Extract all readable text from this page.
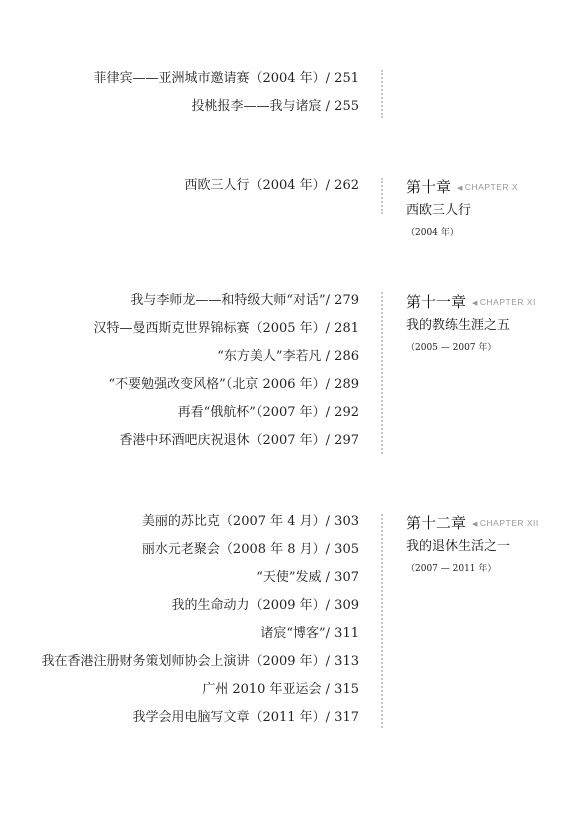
菲律宾——亚洲城市邀请赛（2004 年）/ 251
投桃报李——我与诸宸 / 255
西欧三人行（2004 年）/ 262	第十章 ◀ CHAPTER X
西欧三人行
（2004 年）
我与李师龙——和特级大师“对话”/ 279
汉特—曼西斯克世界锦标赛（2005 年）/ 281
“东方美人”李若凡 / 286
“不要勉强改变风格”（北京 2006 年）/ 289
再看“俄航杯”（2007 年）/ 292
香港中环酒吧庆祝退休（2007 年）/ 297
第十一章 ◀ CHAPTER XI
我的教练生涯之五
（2005 — 2007 年）
美丽的苏比克（2007 年 4 月）/ 303
丽水元老聚会（2008 年 8 月）/ 305
“天使”发威 / 307
我的生命动力（2009 年）/ 309
诸宸“博客”/ 311
我在香港注册财务策划师协会上演讲（2009 年）/ 313
广州 2010 年亚运会 / 315
我学会用电脑写文章（2011 年）/ 317
第十二章 ◀ CHAPTER XII
我的退休生活之一
（2007 — 2011 年）
